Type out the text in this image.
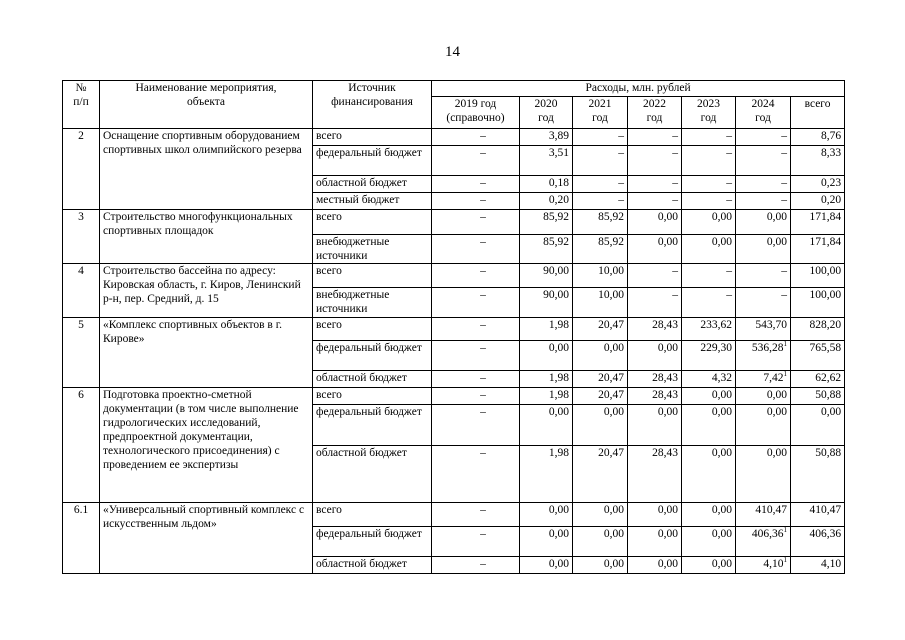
14
№
п/п	Наименование мероприятия, объекта	Источник финансирования	Расходы, млн. рублей						
			2019 год (справочно)	2020 год	2021 год	2022 год	2023 год	2024 год	всего
2	Оснащение спортивным оборудованием спортивных школ олимпийского резерва	всего	–	3,89	–	–	–	–	8,76
		федеральный бюджет	–	3,51	–	–	–	–	8,33
		областной бюджет	–	0,18	–	–	–	–	0,23
		местный бюджет	–	0,20	–	–	–	–	0,20
3	Строительство многофункциональных спортивных площадок	всего	–	85,92	85,92	0,00	0,00	0,00	171,84
		внебюджетные источники	–	85,92	85,92	0,00	0,00	0,00	171,84
4	Строительство бассейна по адресу: Кировская область, г. Киров, Ленинский р-н, пер. Средний, д. 15	всего	–	90,00	10,00	–	–	–	100,00
		внебюджетные источники	–	90,00	10,00	–	–	–	100,00
5	«Комплекс спортивных объектов в г. Кирове»	всего	–	1,98	20,47	28,43	233,62	543,70	828,20
		федеральный бюджет	–	0,00	0,00	0,00	229,30	536,28$^1$	765,58
		областной бюджет	–	1,98	20,47	28,43	4,32	7,42$^1$	62,62
6	Подготовка проектно-сметной документации (в том числе выполнение гидрологических исследований, предпроектной документации, технологического присоединения) с проведением ее экспертизы	всего	–	1,98	20,47	28,43	0,00	0,00	50,88
		федеральный бюджет	–	0,00	0,00	0,00	0,00	0,00	0,00
		областной бюджет	–	1,98	20,47	28,43	0,00	0,00	50,88
6.1	«Универсальный спортивный комплекс с искусственным льдом»	всего	–	0,00	0,00	0,00	0,00	410,47	410,47
		федеральный бюджет	–	0,00	0,00	0,00	0,00	406,36$^1$	406,36
		областной бюджет	–	0,00	0,00	0,00	0,00	4,10$^1$	4,10
